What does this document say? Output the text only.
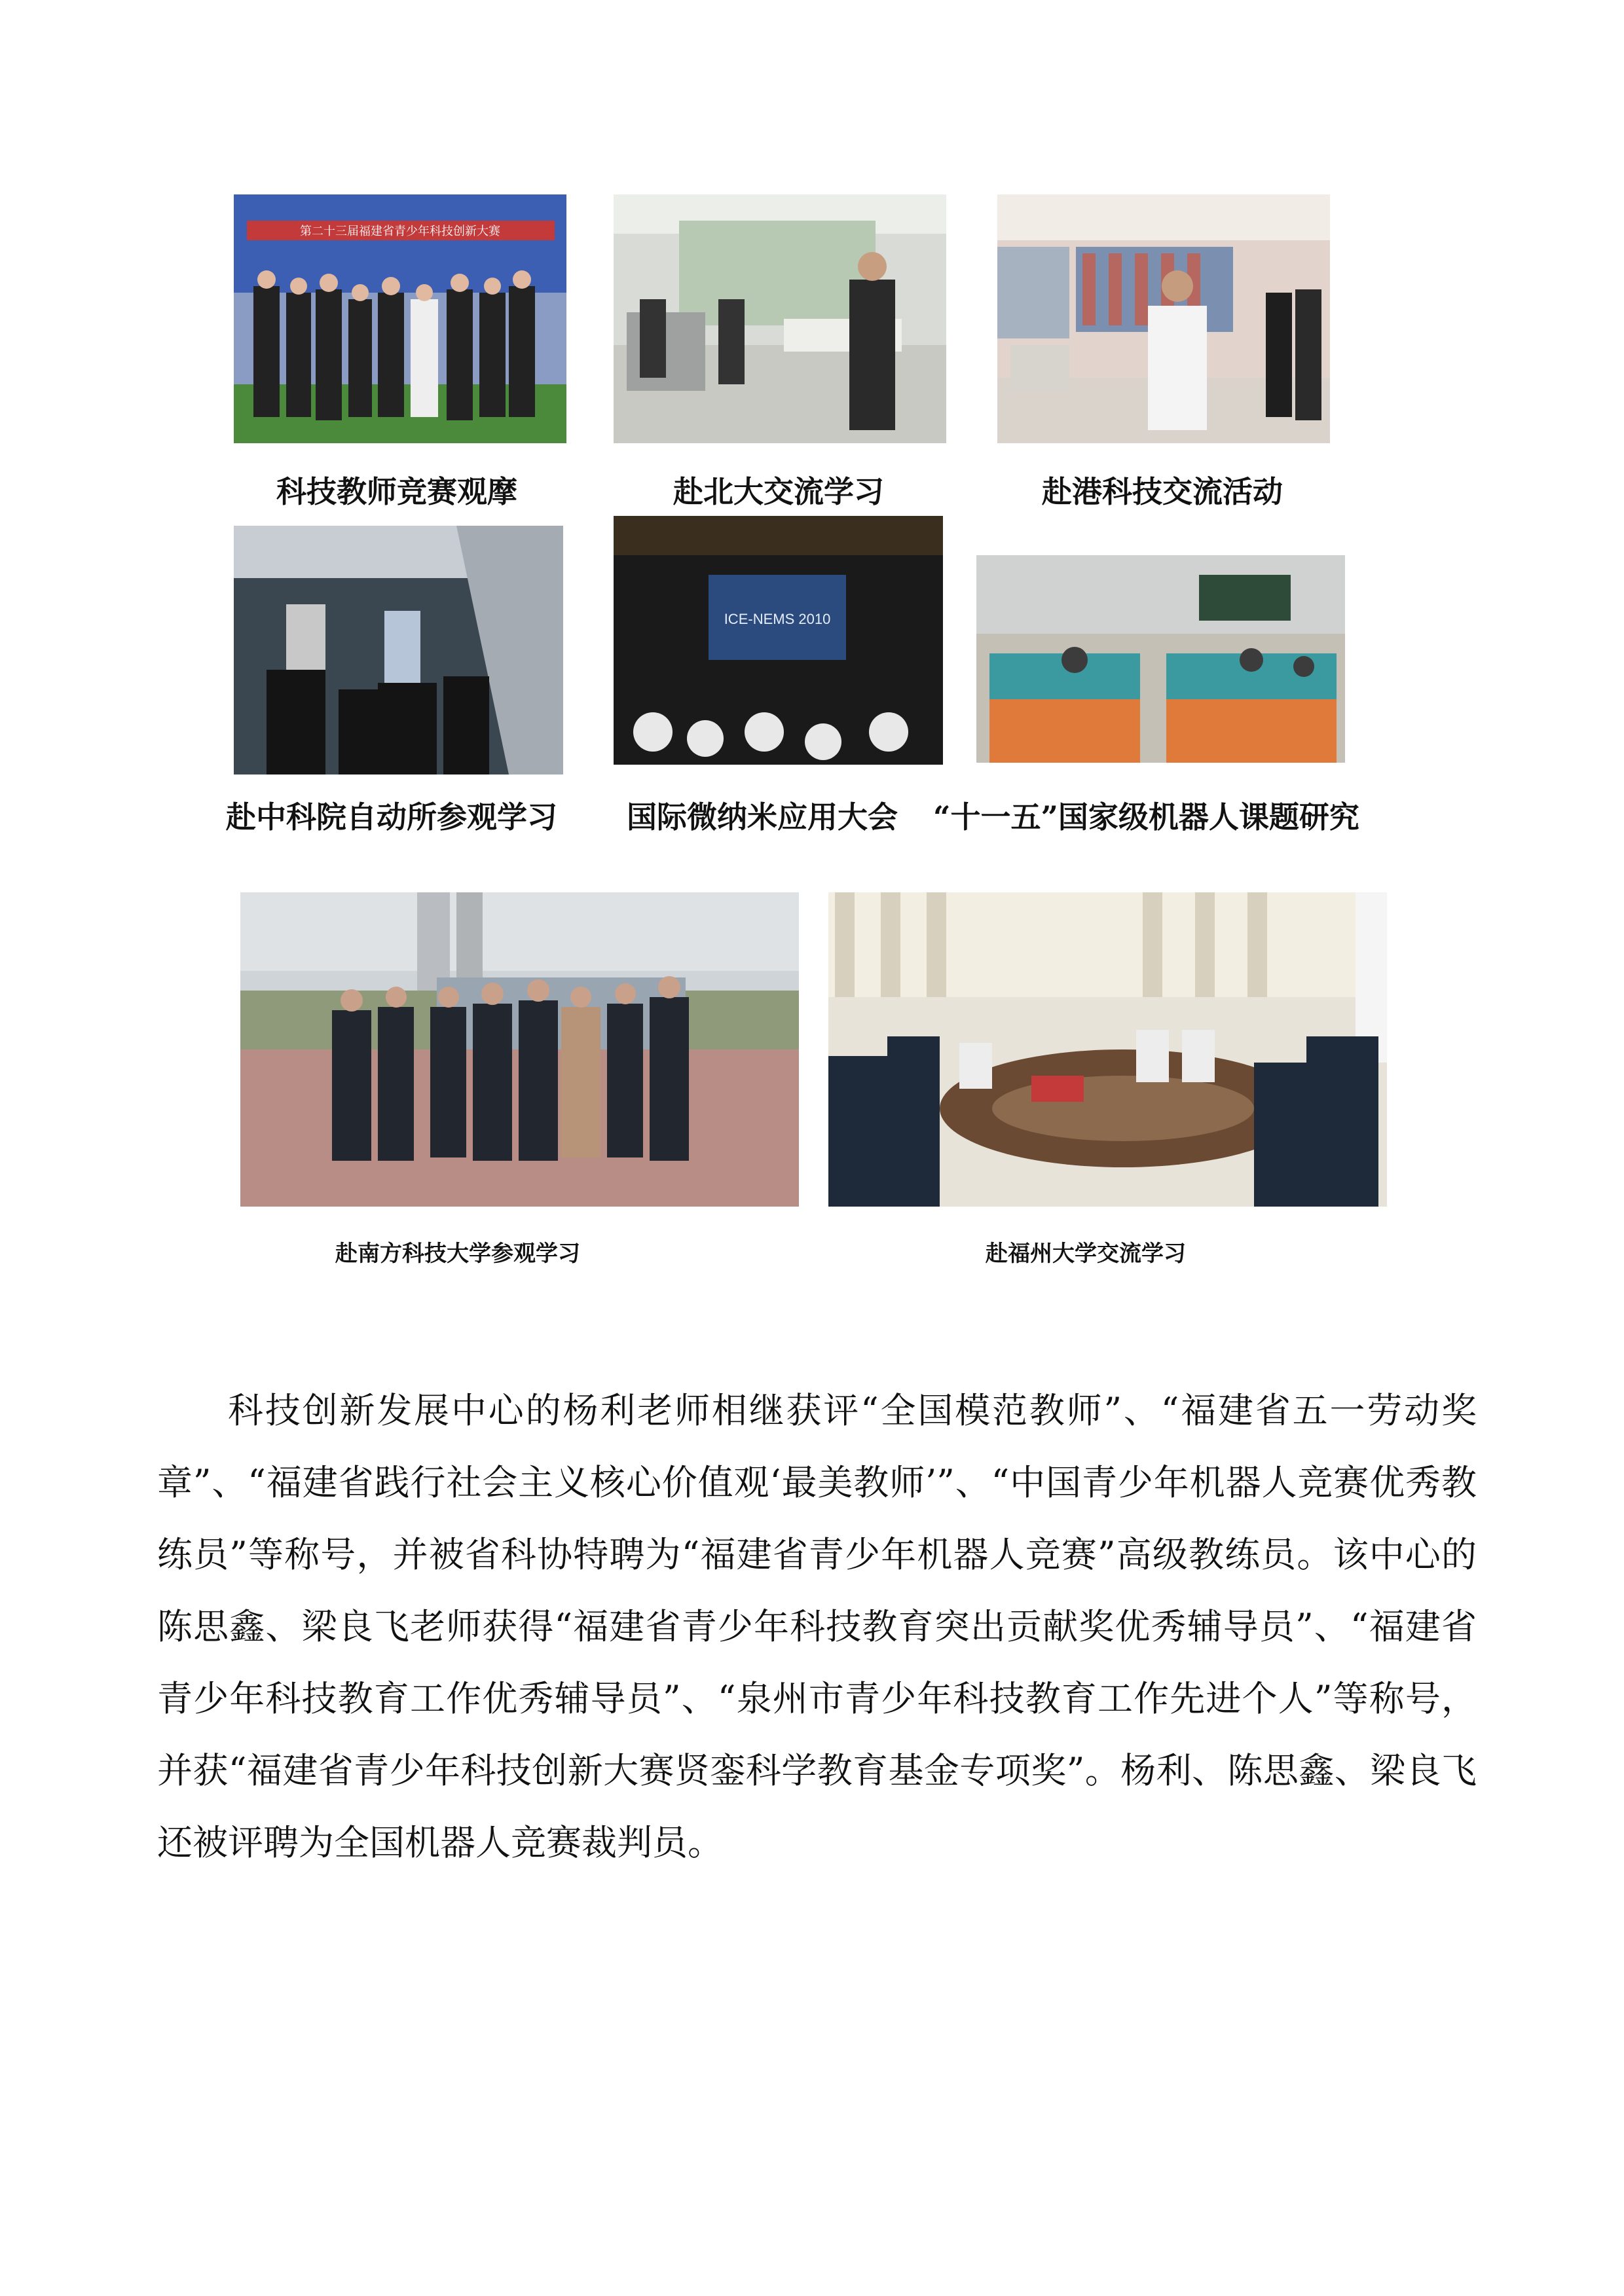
第二十三届福建省青少年科技创新大赛
科技教师竞赛观摩	赴北大交流学习	赴港科技交流活动
ICE-NEMS 2010
赴中科院自动所参观学习 国际微纳米应用大会 “十一五”国家级机器人课题研究
赴南方科技大学参观学习	赴福州大学交流学习

科技创新发展中心的杨利老师相继获评“全国模范教师”、“福建省五一劳动奖章”、“福建省践行社会主义核心价值观‘最美教师’”、“中国青少年机器人竞赛优秀教练员”等称号，并被省科协特聘为“福建省青少年机器人竞赛”高级教练员。该中心的陈思鑫、梁良飞老师获得“福建省青少年科技教育突出贡献奖优秀辅导员”、“福建省青少年科技教育工作优秀辅导员”、“泉州市青少年科技教育工作先进个人”等称号，并获“福建省青少年科技创新大赛贤銮科学教育基金专项奖”。杨利、陈思鑫、梁良飞还被评聘为全国机器人竞赛裁判员。
